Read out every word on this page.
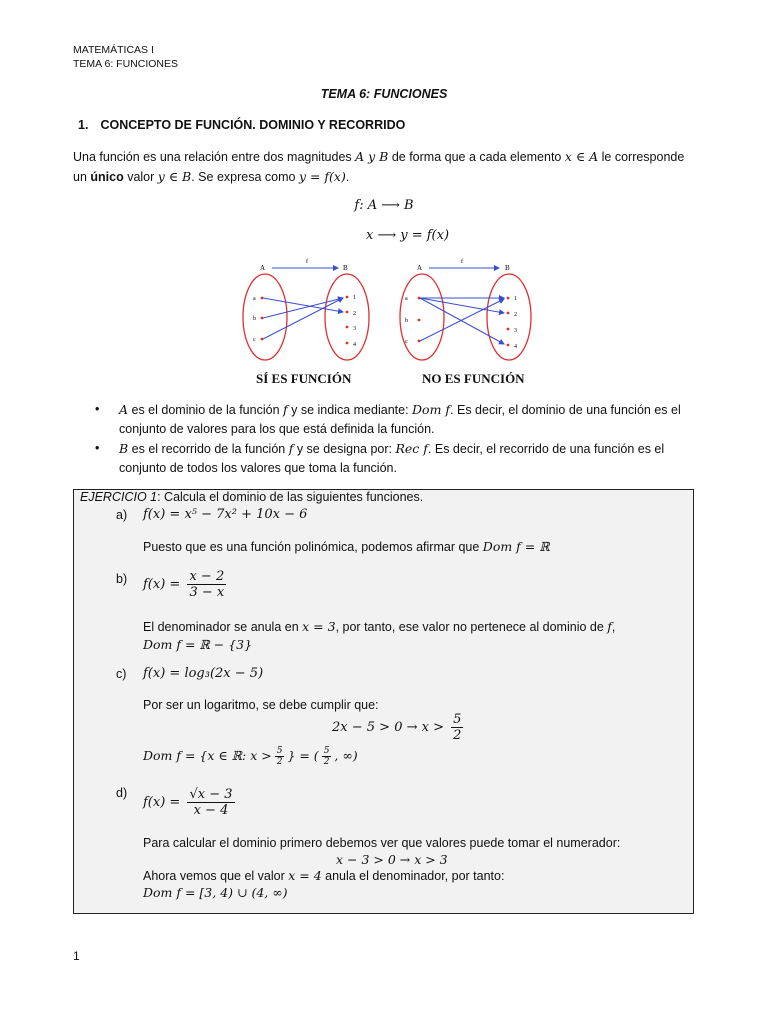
MATEMÁTICAS I
TEMA 6: FUNCIONES
TEMA 6: FUNCIONES
1. CONCEPTO DE FUNCIÓN. DOMINIO Y RECORRIDO
Una función es una relación entre dos magnitudes A y B de forma que a cada elemento x ∈ A le corresponde un único valor y ∈ B. Se expresa como y = f(x).
f: A ⟶ B
x ⟶ y = f(x)
A	B
f
a
b
c
1
2
3
4
A	B
f
a
b
c
1
2
3
4
SÍ ES FUNCIÓN	NO ES FUNCIÓN
• A es el dominio de la función f y se indica mediante: Dom f. Es decir, el dominio de una función es el conjunto de valores para los que está definida la función.
• B es el recorrido de la función f y se designa por: Rec f. Es decir, el recorrido de una función es el conjunto de todos los valores que toma la función.
EJERCICIO 1: Calcula el dominio de las siguientes funciones.
a) f(x) = x⁵ − 7x² + 10x − 6
Puesto que es una función polinómica, podemos afirmar que Dom f = ℝ
b) $f(x) = \frac{x - 2}{3 - x}$
El denominador se anula en x = 3, por tanto, ese valor no pertenece al dominio de f,
Dom f = ℝ − {3}
c) f(x) = log₃(2x − 5)
Por ser un logaritmo, se debe cumplir que:
$2x - 5 > 0 \to x > \frac{5}{2}$
Dom f = {x ∈ ℝ: $x > \frac{5}{2}$ } = ( $\frac{5}{2}$ , ∞)
d)
$f(x) = \frac{√x - 3}{x - 4}$
Para calcular el dominio primero debemos ver que valores puede tomar el numerador:
x − 3 > 0 → x > 3
Ahora vemos que el valor x = 4 anula el denominador, por tanto:
Dom f = [3, 4) ∪ (4, ∞)
1
